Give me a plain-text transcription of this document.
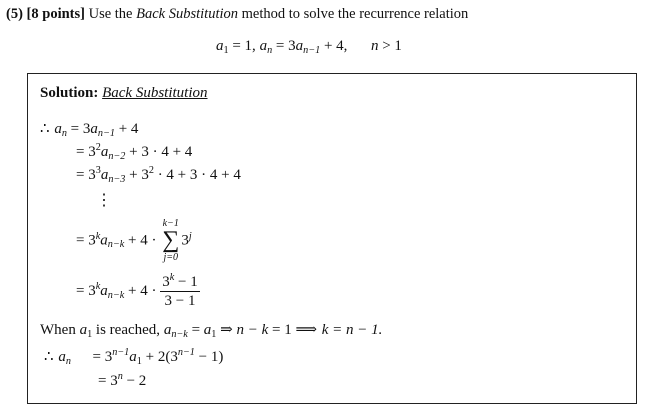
(5) [8 points] Use the Back Substitution method to solve the recurrence relation
$a_1 = 1$, $a_n = 3a_{n-1} + 4$, n > 1
Solution: Back Substitution
∴ $a_n = 3a_{n-1} + 4$
= $3^2a_{n-2} + 3 \cdot 4 + 4$
= $3^3a_{n-3} + 3^2 \cdot 4 + 3 \cdot 4 + 4$
⋮
= $3^ka_{n-k} + 4$ ·
k−1
∑
j=0
$3^j$
= $3^ka_{n-k} + 4 \cdot \frac{3^k - 1}{3 - 1}$
When $a_1$ is reached, $a_{n-k} = a_1$ ⇒ n − k = 1 ⟹ k = n − 1.
∴ $a_n = 3^{n-1}a_1 + 2(3^{n-1} - 1)$
= $3^n - 2$
